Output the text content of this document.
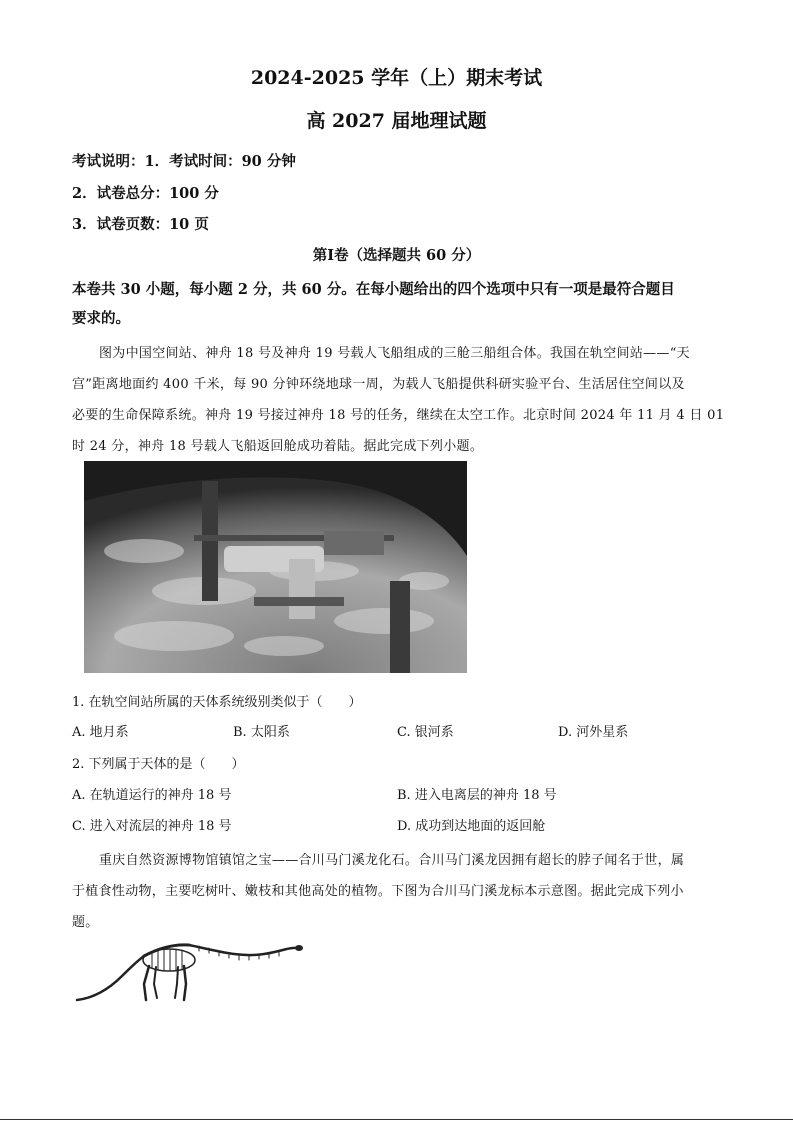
2024-2025 学年（上）期末考试
高 2027 届地理试题
考试说明：1．考试时间：90 分钟
2．试卷总分：100 分
3．试卷页数：10 页
第Ⅰ卷（选择题共 60 分）
本卷共 30 小题，每小题 2 分，共 60 分。在每小题给出的四个选项中只有一项是最符合题目
要求的。
图为中国空间站、神舟 18 号及神舟 19 号载人飞船组成的三舱三船组合体。我国在轨空间站——“天
宫”距离地面约 400 千米，每 90 分钟环绕地球一周，为载人飞船提供科研实验平台、生活居住空间以及
必要的生命保障系统。神舟 19 号接过神舟 18 号的任务，继续在太空工作。北京时间 2024 年 11 月 4 日 01
时 24 分，神舟 18 号载人飞船返回舱成功着陆。据此完成下列小题。
1. 在轨空间站所属的天体系统级别类似于（　　）
A. 地月系	B. 太阳系	C. 银河系	D. 河外星系
2. 下列属于天体的是（　　）
A. 在轨道运行的神舟 18 号	B. 进入电离层的神舟 18 号
C. 进入对流层的神舟 18 号	D. 成功到达地面的返回舱
重庆自然资源博物馆镇馆之宝——合川马门溪龙化石。合川马门溪龙因拥有超长的脖子闻名于世，属
于植食性动物，主要吃树叶、嫩枝和其他高处的植物。下图为合川马门溪龙标本示意图。据此完成下列小
题。
